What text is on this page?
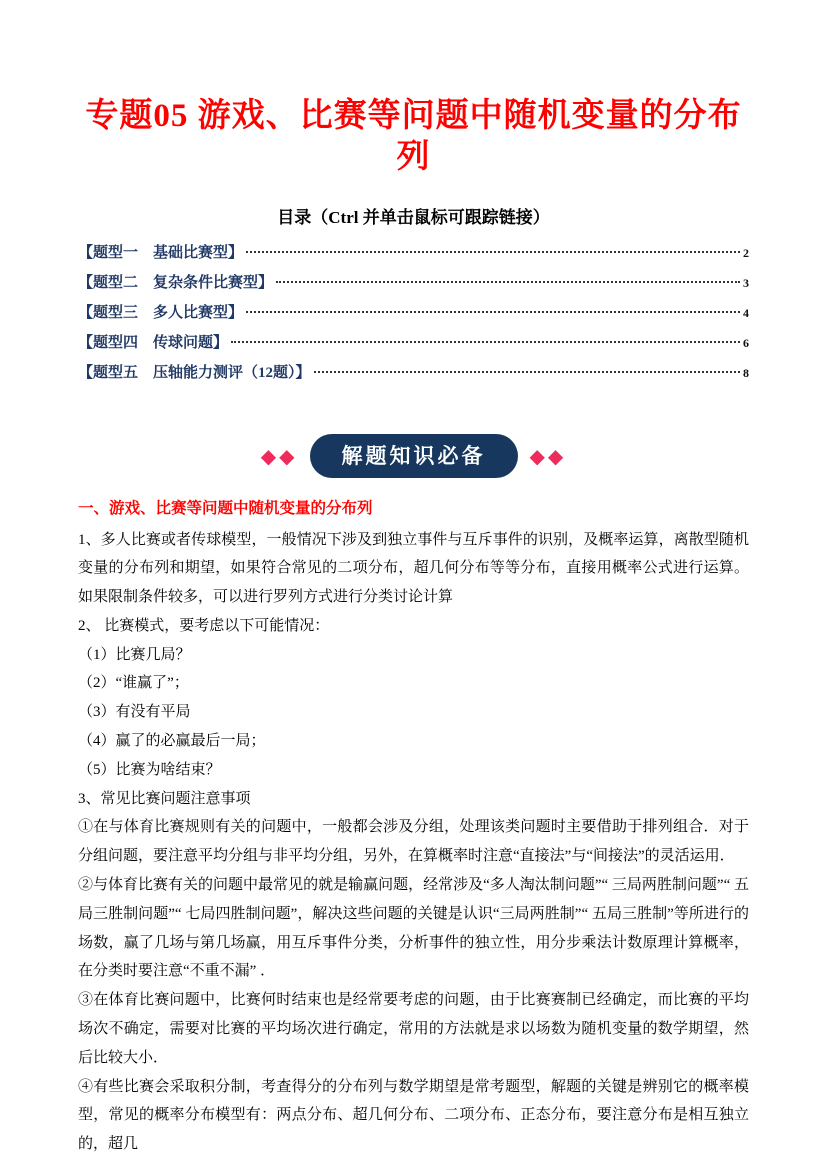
专题05 游戏、比赛等问题中随机变量的分布列
目录（Ctrl 并单击鼠标可跟踪链接）
【题型一　基础比赛型】	2
【题型二　复杂条件比赛型】	3
【题型三　多人比赛型】	4
【题型四　传球问题】	6
【题型五　压轴能力测评（12题）】	8
◆◆	解题知识必备	◆◆
一、游戏、比赛等问题中随机变量的分布列

1、多人比赛或者传球模型，一般情况下涉及到独立事件与互斥事件的识别，及概率运算，离散型随机变量的分布列和期望，如果符合常见的二项分布，超几何分布等等分布，直接用概率公式进行运算。如果限制条件较多，可以进行罗列方式进行分类讨论计算

2、 比赛模式，要考虑以下可能情况：

（1）比赛几局？

（2）“谁赢了”；

（3）有没有平局

（4）赢了的必赢最后一局；

（5）比赛为啥结束？

3、常见比赛问题注意事项

①在与体育比赛规则有关的问题中，一般都会涉及分组，处理该类问题时主要借助于排列组合．对于分组问题，要注意平均分组与非平均分组，另外，在算概率时注意“直接法”与“间接法”的灵活运用．

②与体育比赛有关的问题中最常见的就是输赢问题，经常涉及“多人淘汰制问题”“ 三局两胜制问题”“ 五局三胜制问题”“ 七局四胜制问题”，解决这些问题的关键是认识“三局两胜制”“ 五局三胜制”等所进行的场数，赢了几场与第几场赢，用互斥事件分类，分析事件的独立性，用分步乘法计数原理计算概率，在分类时要注意“不重不漏” ．

③在体育比赛问题中，比赛何时结束也是经常要考虑的问题，由于比赛赛制已经确定，而比赛的平均场次不确定，需要对比赛的平均场次进行确定，常用的方法就是求以场数为随机变量的数学期望，然后比较大小．

④有些比赛会采取积分制，考查得分的分布列与数学期望是常考题型，解题的关键是辨别它的概率模型，常见的概率分布模型有：两点分布、超几何分布、二项分布、正态分布，要注意分布是相互独立的，超几
